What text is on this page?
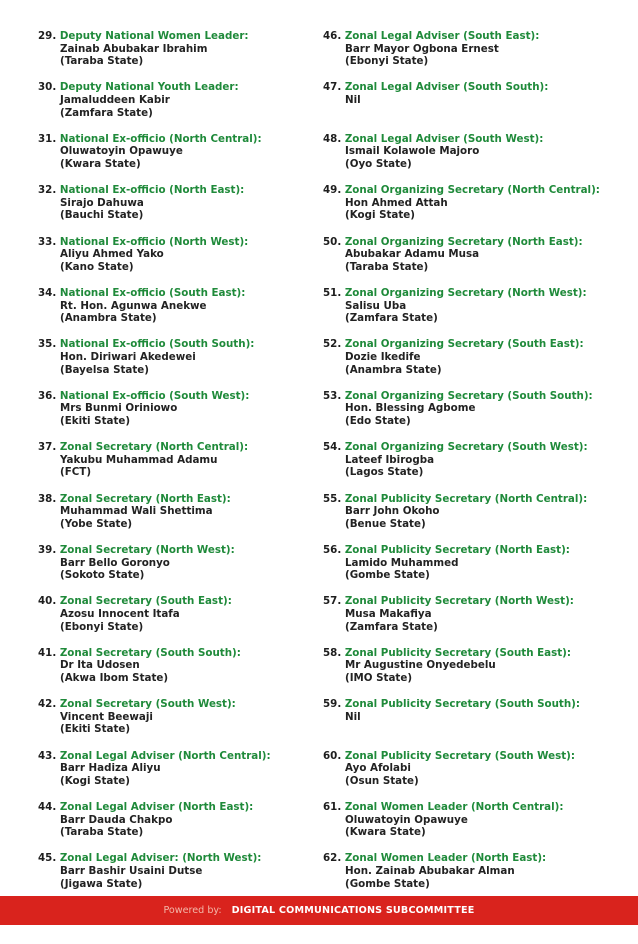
29. Deputy National Women Leader:
Zainab Abubakar Ibrahim
(Taraba State)
30. Deputy National Youth Leader:
Jamaluddeen Kabir
(Zamfara State)
31. National Ex-officio (North Central):
Oluwatoyin Opawuye
(Kwara State)
32. National Ex-officio (North East):
Sirajo Dahuwa
(Bauchi State)
33. National Ex-officio (North West):
Aliyu Ahmed Yako
(Kano State)
34. National Ex-officio (South East):
Rt. Hon. Agunwa Anekwe
(Anambra State)
35. National Ex-officio (South South):
Hon. Diriwari Akedewei
(Bayelsa State)
36. National Ex-officio (South West):
Mrs Bunmi Oriniowo
(Ekiti State)
37. Zonal Secretary (North Central):
Yakubu Muhammad Adamu
(FCT)
38. Zonal Secretary (North East):
Muhammad Wali Shettima
(Yobe State)
39. Zonal Secretary (North West):
Barr Bello Goronyo
(Sokoto State)
40. Zonal Secretary (South East):
Azosu Innocent Itafa
(Ebonyi State)
41. Zonal Secretary (South South):
Dr Ita Udosen
(Akwa Ibom State)
42. Zonal Secretary (South West):
Vincent Beewaji
(Ekiti State)
43. Zonal Legal Adviser (North Central):
Barr Hadiza Aliyu
(Kogi State)
44. Zonal Legal Adviser (North East):
Barr Dauda Chakpo
(Taraba State)
45. Zonal Legal Adviser: (North West):
Barr Bashir Usaini Dutse
(Jigawa State)
46. Zonal Legal Adviser (South East):
Barr Mayor Ogbona Ernest
(Ebonyi State)
47. Zonal Legal Adviser (South South):
Nil
48. Zonal Legal Adviser (South West):
Ismail Kolawole Majoro
(Oyo State)
49. Zonal Organizing Secretary (North Central):
Hon Ahmed Attah
(Kogi State)
50. Zonal Organizing Secretary (North East):
Abubakar Adamu Musa
(Taraba State)
51. Zonal Organizing Secretary (North West):
Salisu Uba
(Zamfara State)
52. Zonal Organizing Secretary (South East):
Dozie Ikedife
(Anambra State)
53. Zonal Organizing Secretary (South South):
Hon. Blessing Agbome
(Edo State)
54. Zonal Organizing Secretary (South West):
Lateef Ibirogba
(Lagos State)
55. Zonal Publicity Secretary (North Central):
Barr John Okoho
(Benue State)
56. Zonal Publicity Secretary (North East):
Lamido Muhammed
(Gombe State)
57. Zonal Publicity Secretary (North West):
Musa Makafiya
(Zamfara State)
58. Zonal Publicity Secretary (South East):
Mr Augustine Onyedebelu
(IMO State)
59. Zonal Publicity Secretary (South South):
Nil
60. Zonal Publicity Secretary (South West):
Ayo Afolabi
(Osun State)
61. Zonal Women Leader (North Central):
Oluwatoyin Opawuye
(Kwara State)
62. Zonal Women Leader (North East):
Hon. Zainab Abubakar Alman
(Gombe State)
Powered by: DIGITAL COMMUNICATIONS SUBCOMMITTEE
